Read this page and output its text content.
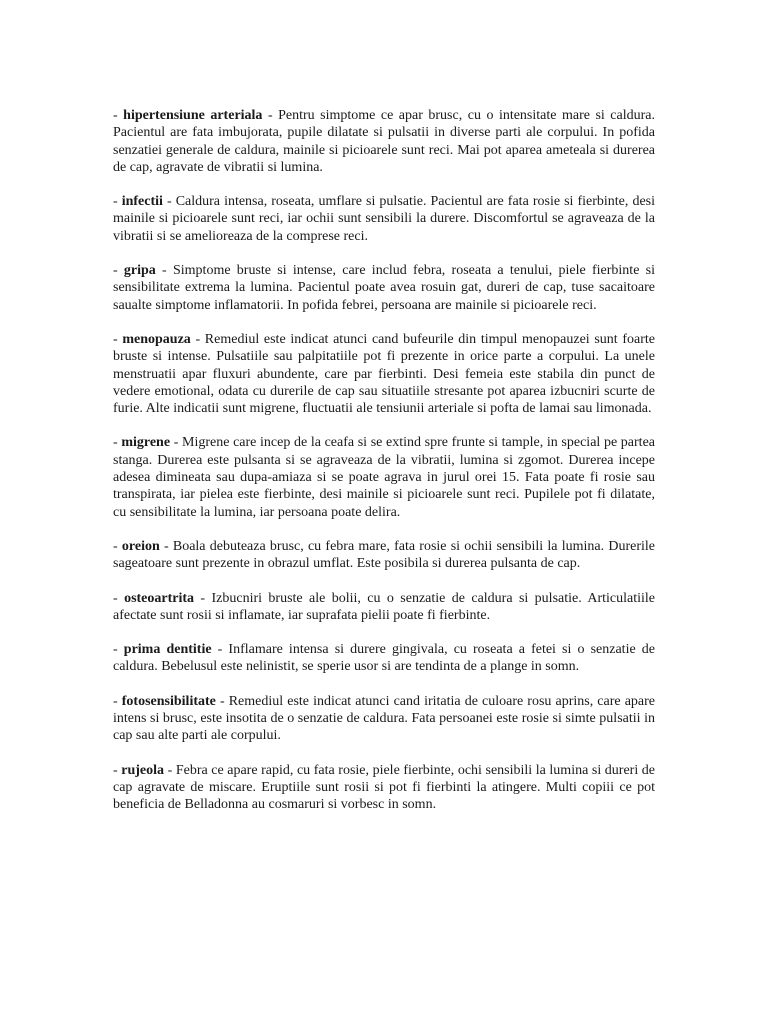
- hipertensiune arteriala - Pentru simptome ce apar brusc, cu o intensitate mare si caldura. Pacientul are fata imbujorata, pupile dilatate si pulsatii in diverse parti ale corpului. In pofida senzatiei generale de caldura, mainile si picioarele sunt reci. Mai pot aparea ameteala si durerea de cap, agravate de vibratii si lumina.

- infectii - Caldura intensa, roseata, umflare si pulsatie. Pacientul are fata rosie si fierbinte, desi mainile si picioarele sunt reci, iar ochii sunt sensibili la durere. Discomfortul se agraveaza de la vibratii si se amelioreaza de la comprese reci.

- gripa - Simptome bruste si intense, care includ febra, roseata a tenului, piele fierbinte si sensibilitate extrema la lumina. Pacientul poate avea rosuin gat, dureri de cap, tuse sacaitoare saualte simptome inflamatorii. In pofida febrei, persoana are mainile si picioarele reci.

- menopauza - Remediul este indicat atunci cand bufeurile din timpul menopauzei sunt foarte bruste si intense. Pulsatiile sau palpitatiile pot fi prezente in orice parte a corpului. La unele menstruatii apar fluxuri abundente, care par fierbinti. Desi femeia este stabila din punct de vedere emotional, odata cu durerile de cap sau situatiile stresante pot aparea izbucniri scurte de furie. Alte indicatii sunt migrene, fluctuatii ale tensiunii arteriale si pofta de lamai sau limonada.

- migrene - Migrene care incep de la ceafa si se extind spre frunte si tample, in special pe partea stanga. Durerea este pulsanta si se agraveaza de la vibratii, lumina si zgomot. Durerea incepe adesea dimineata sau dupa-amiaza si se poate agrava in jurul orei 15. Fata poate fi rosie sau transpirata, iar pielea este fierbinte, desi mainile si picioarele sunt reci. Pupilele pot fi dilatate, cu sensibilitate la lumina, iar persoana poate delira.

- oreion - Boala debuteaza brusc, cu febra mare, fata rosie si ochii sensibili la lumina. Durerile sageatoare sunt prezente in obrazul umflat. Este posibila si durerea pulsanta de cap.

- osteoartrita - Izbucniri bruste ale bolii, cu o senzatie de caldura si pulsatie. Articulatiile afectate sunt rosii si inflamate, iar suprafata pielii poate fi fierbinte.

- prima dentitie - Inflamare intensa si durere gingivala, cu roseata a fetei si o senzatie de caldura. Bebelusul este nelinistit, se sperie usor si are tendinta de a plange in somn.

- fotosensibilitate - Remediul este indicat atunci cand iritatia de culoare rosu aprins, care apare intens si brusc, este insotita de o senzatie de caldura. Fata persoanei este rosie si simte pulsatii in cap sau alte parti ale corpului.

- rujeola - Febra ce apare rapid, cu fata rosie, piele fierbinte, ochi sensibili la lumina si dureri de cap agravate de miscare. Eruptiile sunt rosii si pot fi fierbinti la atingere. Multi copiii ce pot beneficia de Belladonna au cosmaruri si vorbesc in somn.
